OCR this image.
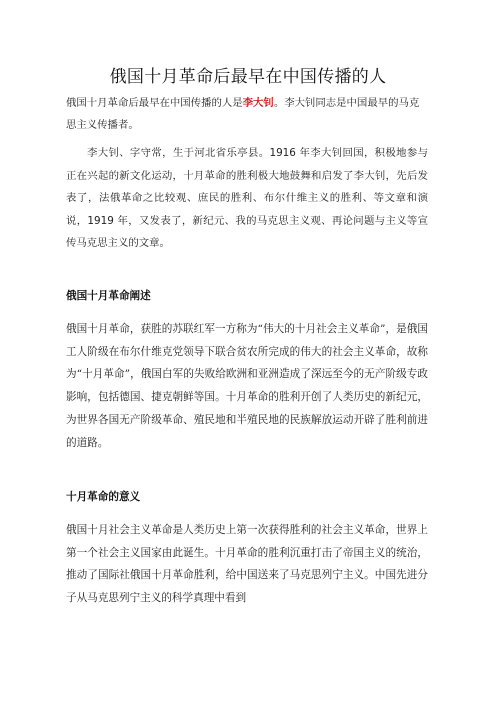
俄国十月革命后最早在中国传播的人
俄国十月革命后最早在中国传播的人是李大钊。李大钊同志是中国最早的马克思主义传播者。
李大钊、字守常，生于河北省乐亭县。1916 年李大钊回国，积极地参与正在兴起的新文化运动，十月革命的胜利极大地鼓舞和启发了李大钊，先后发表了，法俄革命之比较观、庶民的胜利、布尔什维主义的胜利、等文章和演说，1919 年，又发表了，新纪元、我的马克思主义观、再论问题与主义等宣传马克思主义的文章。
俄国十月革命阐述
俄国十月革命，获胜的苏联红军一方称为“伟大的十月社会主义革命”，是俄国工人阶级在布尔什维克党领导下联合贫农所完成的伟大的社会主义革命，故称为“十月革命”，俄国白军的失败给欧洲和亚洲造成了深远至今的无产阶级专政影响，包括德国、捷克朝鲜等国。十月革命的胜利开创了人类历史的新纪元，为世界各国无产阶级革命、殖民地和半殖民地的民族解放运动开辟了胜利前进的道路。
十月革命的意义
俄国十月社会主义革命是人类历史上第一次获得胜利的社会主义革命，世界上第一个社会主义国家由此诞生。十月革命的胜利沉重打击了帝国主义的统治，推动了国际社俄国十月革命胜利，给中国送来了马克思列宁主义。中国先进分子从马克思列宁主义的科学真理中看到
